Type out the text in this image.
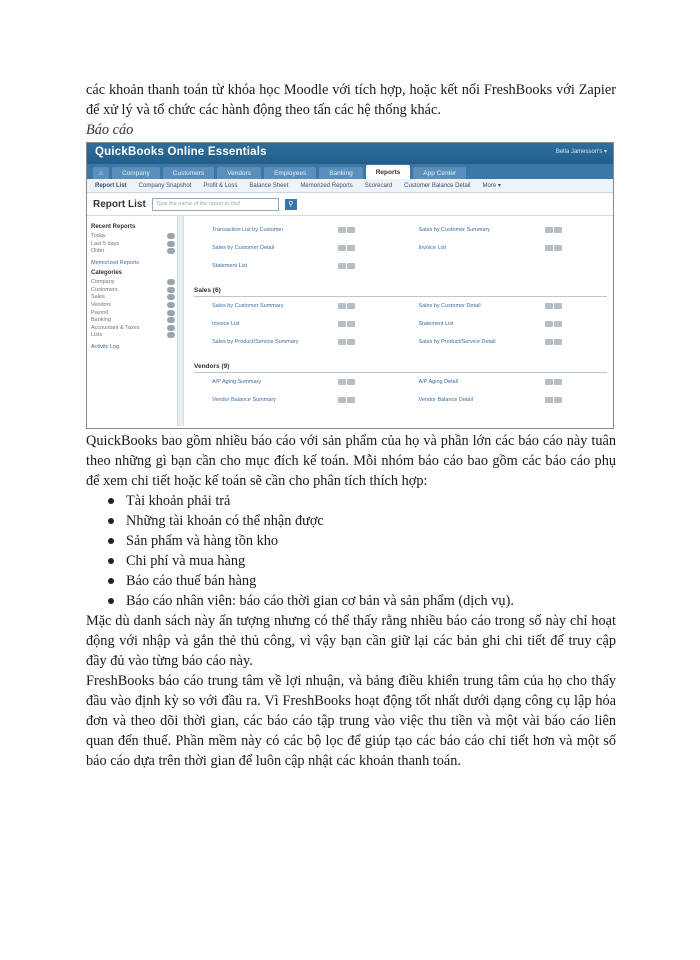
các khoản thanh toán từ khóa học Moodle với tích hợp, hoặc kết nối FreshBooks với Zapier để xử lý và tổ chức các hành động theo tấn các hệ thống khác.

Báo cáo
QuickBooks Online Essentials	Bella Jamesson's ▾
⌂	Company	Customers	Vendors	Employees	Banking	Reports	App Center
Report List Company Snapshot Profit & Loss Balance Sheet Memorized Reports Scorecard Customer Balance Detail More ▾
Report List	Type the name of the report to find	⚲
Recent Reports
Today
Last 5 days
Older
Memorized Reports
Categories
Company
Customers
Sales
Vendors
Payroll
Banking
Accountant & Taxes
Lists
Activity Log
Transaction List by Customer	Sales by Customer Summary
Sales by Customer Detail	Invoice List
Statement List
Sales (6)
Sales by Customer Summary	Sales by Customer Detail
Invoice List	Statement List
Sales by Product/Service Summary	Sales by Product/Service Detail
Vendors (9)
A/P Aging Summary	A/P Aging Detail
Vendor Balance Summary	Vendor Balance Detail

QuickBooks bao gồm nhiều báo cáo với sản phẩm của họ và phần lớn các báo cáo này tuân theo những gì bạn cần cho mục đích kế toán. Mỗi nhóm báo cáo bao gồm các báo cáo phụ để xem chi tiết hoặc kế toán sẽ cần cho phân tích thích hợp:

Tài khoản phải trả
Những tài khoản có thể nhận được
Sản phẩm và hàng tồn kho
Chi phí và mua hàng
Báo cáo thuế bán hàng
Báo cáo nhân viên: báo cáo thời gian cơ bản và sản phẩm (dịch vụ).

Mặc dù danh sách này ấn tượng nhưng có thể thấy rằng nhiều báo cáo trong số này chỉ hoạt động với nhập và gắn thẻ thủ công, vì vậy bạn cần giữ lại các bản ghi chi tiết để truy cập đầy đủ vào từng báo cáo này.

FreshBooks báo cáo trung tâm về lợi nhuận, và bảng điều khiển trung tâm của họ cho thấy đầu vào định kỳ so với đầu ra. Vì FreshBooks hoạt động tốt nhất dưới dạng công cụ lập hóa đơn và theo dõi thời gian, các báo cáo tập trung vào việc thu tiền và một vài báo cáo liên quan đến thuế. Phần mềm này có các bộ lọc để giúp tạo các báo cáo chi tiết hơn và một số báo cáo dựa trên thời gian để luôn cập nhật các khoản thanh toán.
